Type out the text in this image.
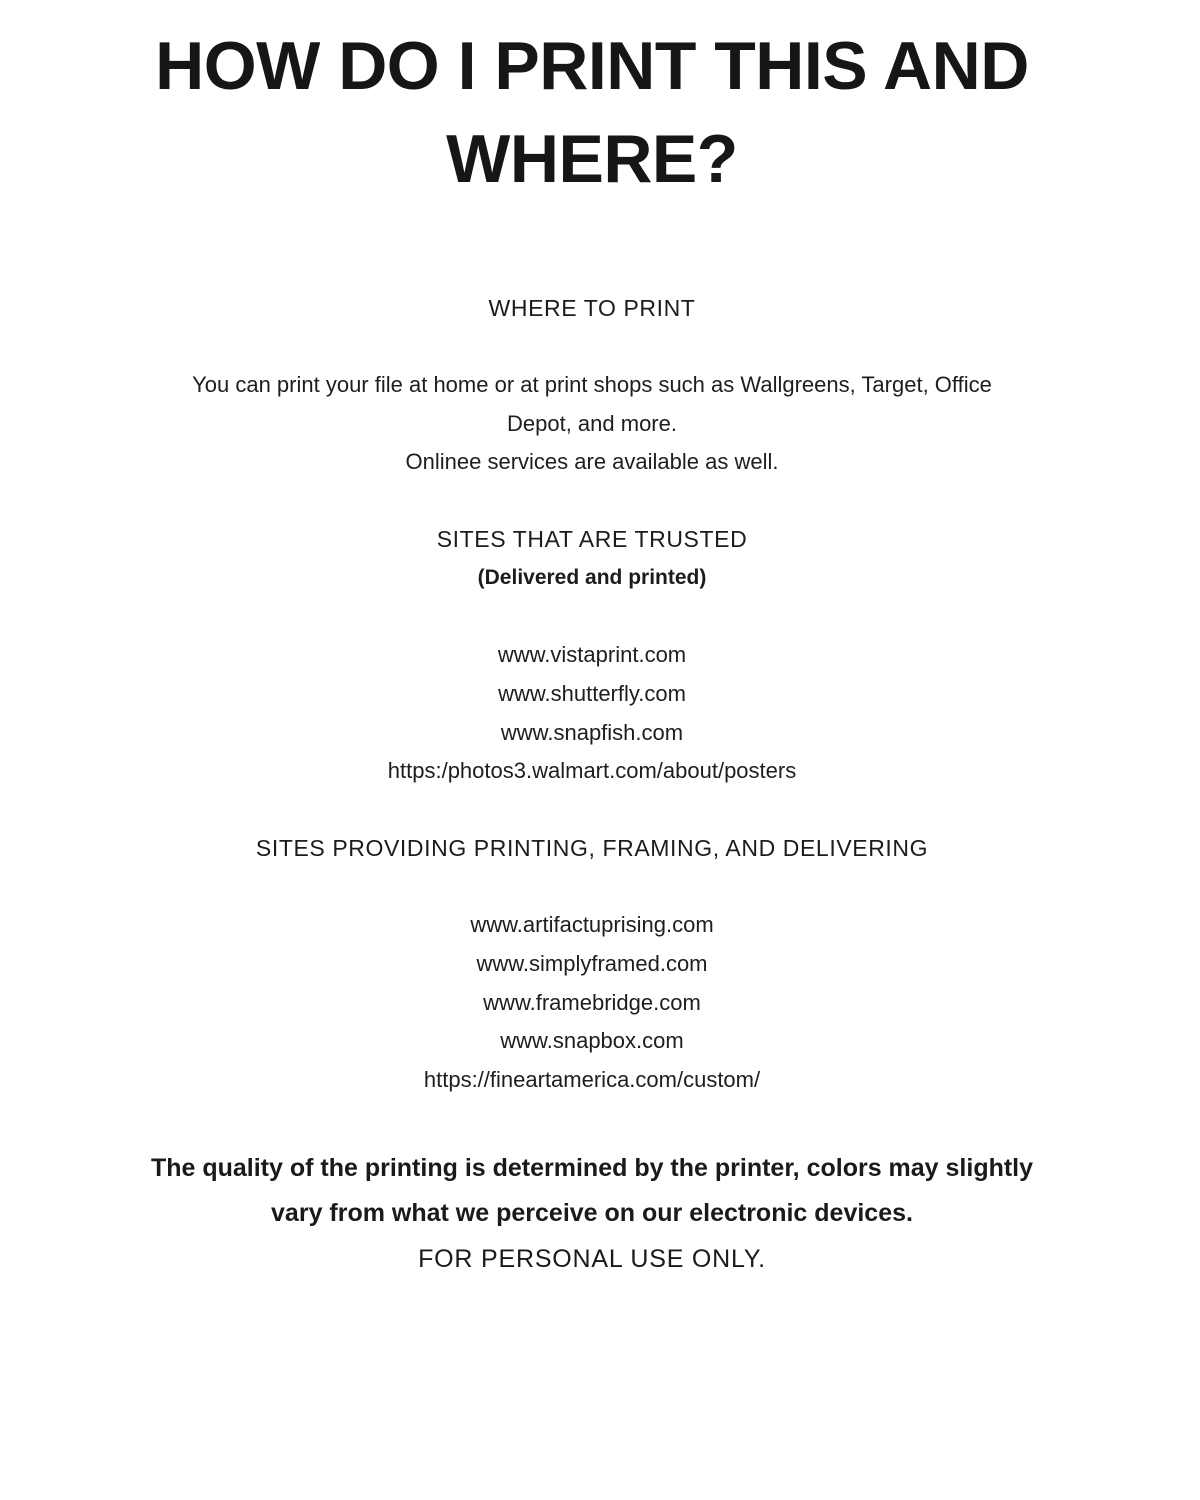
HOW DO I PRINT THIS AND
WHERE?
WHERE TO PRINT
You can print your file at home or at print shops such as Wallgreens, Target, Office
Depot, and more.
Onlinee services are available as well.
SITES THAT ARE TRUSTED
(Delivered and printed)
www.vistaprint.com
www.shutterfly.com
www.snapfish.com
https:/photos3.walmart.com/about/posters
SITES PROVIDING PRINTING, FRAMING, AND DELIVERING
www.artifactuprising.com
www.simplyframed.com
www.framebridge.com
www.snapbox.com
https://fineartamerica.com/custom/
The quality of the printing is determined by the printer, colors may slightly
vary from what we perceive on our electronic devices.
FOR PERSONAL USE ONLY.
